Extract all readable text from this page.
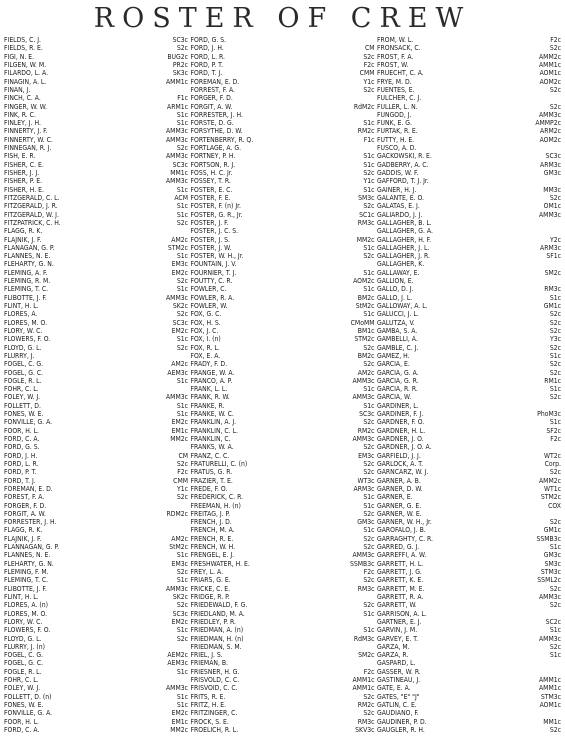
ROSTER OF CREW
FIELDS, C. J.	SC3c
FIELDS, R. E.	S2c
FIGI, N. E.	BUG2c
FILGEN, W. M.	PR2c
FILARDO, L. A.	SK3c
FINAGIN, A. L.	AMM1c
FINAN, J.
FINCH, C. A.	F1c
FINGER, W. W.	ARM1c
FINK, R. C.	S1c
FINLEY, J. H.	S1c
FINNERTY, J. F.	AMM3c
FINNERTY, W. C.	AMM3c
FINNEGAN, R. J.	S2c
FISH, E. R.	AMM3c
FISHER, C. E.	SC3c
FISHER, J. J.	MM1c
FISHER, P. E.	AMM3c
FISHER, H. E.	S1c
FITZGERALD, C. L.	ACM
FITZGERALD, J. R.	S1c
FITZGERALD, W. J.	S1c
FITZPATRICK, C. H.	S2c
FLAGG, R. K.
FLAJNIK, J. F.	AM2c
FLANAGAN, G. P.	STM2c
FLANNES, N. E.	S1c
FLEHARTY, G. N.	EM3c
FLEMING, A. F.	EM2c
FLEMING, R. M.	S2c
FLEMING, T. C.	S1c
FLIBOTTE, J. F.	AMM3c
FLINT, H. L.	SK2c
FLORES, A.	S2c
FLORES, M. O.	SC3c
FLORY, W. C.	EM2c
FLOWERS, F. O.	S1c
FLOYD, G. L.	S2c
FLURRY, J.
FOGEL, C. G.	AM2c
FOGEL, G. C.	AEM3c
FOGLE, R. L.	S1c
FOHR, C. L.
FOLEY, W. J.	AMM3c
FOLLETT, D.	S1c
FONES, W. E.	S1c
FONVILLE, G. A.	EM2c
FOOR, H. L.	EM1c
FORD, C. A.	MM2c
FORD, G. S.
FORD, J. H.	CM
FORD, L. R.	S2c
FORD, P. T.	F2c
FORD, T. J.	CMM
FOREMAN, E. D.	Y1c
FOREST, F. A.	S2c
FORGER, F. D.
FORGIT, A. W.	RDM2c
FORRESTER, J. H.
FLAGG, R. K.
FLAJNIK, J. F.	AM2c
FLANNAGAN, G. P.	StM2c
FLANNES, N. E.	S1c
FLEHARTY, G. N.	EM3c
FLEMING, F. M.	S2c
FLEMING, T. C.	S1c
FLIBOTTE, J. F.	AMM3c
FLINT, H. L.	SK2c
FLORES, A. (n)	S2c
FLORES, M. O.	SC3c
FLORY, W. C.	EM2c
FLOWERS, F. O.	S1c
FLOYD, G. L.	S2c
FLURRY, J. (n)
FOGEL, C. G.	AEM2c
FOGEL, G. C.	AEM3c
FOGLE, R. L.	S1c
FOHR, C. L.
FOLEY, W. J.	AMM3c
FOLLETT, D. (n)	S1c
FONES, W. E.	S1c
FONVILLE, G. A.	EM2c
FOOR, H. L.	EM1c
FORD, C. A.	MM2c
FORD, G. S.
FORD, J. H.	CM
FORD, L. R.	S2c
FORD, P. T.	F2c
FORD, T. J.	CMM
FOREMAN, E. D.	Y1c
FORREST, F. A.	S2c
FORGER, F. D.
FORGIT, A. W.	RdM2c
FORRESTER, J. H.
FORSTE, D. G.	S1c
FORSYTHE, D. W.	RM2c
FORTENBERRY, R. Q.	F1c
FORTLAGE, A. G.
FORTNEY, P. H.	S1c
FORTSON, R. J.	S1c
FOSS, H. C. Jr.	S2c
FOSSEY, T. R.	Y1c
FOSTER, E. C.	S1c
FOSTER, F. E.	SM3c
FOSTER, F. (n) Jr.	S2c
FOSTER, G. R., Jr.	SC1c
FOSTER, J. F.	RM3c
FOSTER, J. C. S.
FOSTER, J. S.	MM2c
FOSTER, J. W.	S1c
FOSTER, W. H., Jr.	S2c
FOUNTAIN, J. V.
FOURNIER, T. J.	S1c
FOUTTY, C. R.	AOM2c
FOWLER, C.	S1c
FOWLER, R. A.	BM2c
FOWLER, W.	StM2c
FOX, G. C.	S1c
FOX, H. S.	CMoMM
FOX, J. C.	BM1c
FOX, I. (n)	STM2c
FOX, R. L.	S2c
FOX, E. A.	BM2c
FRADY, F. D.	S2c
FRANGE, W. A.	AM2c
FRANCO, A. P.	AMM3c
FRANK, L. L.	S1c
FRANK, R. W.	AMM3c
FRANKE, R.	S1c
FRANKE, W. C.	SC3c
FRANKLIN, A. J.	S2c
FRANKLIN, C. L.	RM2c
FRANKLIN, C.	AMM3c
FRANKS, W. A.	S2c
FRANZ, C. C.	EM3c
FRATURELLI, C. (n)	S2c
FRATUS, G. R.	S2c
FRAZIER, T. E.	WT3c
FREDE, F. O.	ARM3c
FREDERICK, C. R.	S1c
FREEMAN, H. (n)	S1c
FREITAG, J. P.	S2c
FRENCH, J. D.	GM3c
FRENCH, M. A.	S1c
FRENCH, R. E.	S2c
FRENCH, W. H.	S2c
FRENGEL, E. J.	AMM3c
FRESHWATER, H. E.	SSMB3c
FREY, L. A.	F2c
FRIARS, G. E.	S2c
FRICKE, C. E.	RM3c
FRIDGE, R. P.
FRIEDEWALD, F. G.	S2c
FRIEDLAND, M. A.	S1c
FRIEDLEY, P. R.
FRIEDMAN, A. (n)	S1c
FRIEDMAN, H. (n)	RdM3c
FRIEDMAN, S. M.
FRIEL, J. S.	SM2c
FRIEMAN, B.
FRIESNER, H. G.	F2c
FRISVOLD, C. C.	AMM1c
FRISVOID, C. C.	AMM1c
FRITS, R. E.	S2c
FRITZ, H. E.	RM2c
FRITZINGER, C.	S2c
FROCK, S. E.	RM3c
FROELICH, R. L.	SKV3c
FROM, W. L.	F2c
FRONSACK, C.	S2c
FROST, F. A.	AMM2c
FROST, W.	AMM1c
FRUECHT, C. A.	AOM1c
FRYE, M. D.	AOM2c
FUENTES, E.	S2c
FULCHER, C. J.
FULLER, L. N.	S2c
FUNGOD, J.	AMM3c
FUNK, E. G.	AMMP2c
FURTAK, R. E.	ARM2c
FUTTY, H. E.	AOM2c
FUSCO, A. D.
GACKOWSKI, R. E.	SC3c
GADBERRY, A. C.	ARM3c
GADDIS, W. F.	GM3c
GAFFORD, T. J. Jr.
GAINER, H. J.	MM3c
GALANTE, E. O.	S2c
GALATAS, E. J.	OM1c
GALIARDO, J. J.	AMM3c
GALLAGHER, B. L.
GALLAGHER, G. A.
GALLAGHER, H. F.	Y2c
GALLAGHER, J. L.	ARM3c
GALLAGHER, J. R.	SF1c
GALLAGHER, K.
GALLAWAY, E.	SM2c
GALLION, E.
GALLO, D. J.	RM3c
GALLO, J. L.	S1c
GALLOWAY, A. L.	GM1c
GALUCCI, J. L.	S2c
GALUTZA, V.	S2c
GAMBA, S. A.	S2c
GAMBELLI, A.	Y3c
GAMBLE, C. J.	S2c
GAMEZ, H.	S1c
GARCIA, E.	S2c
GARCIA, G. A.	S2c
GARCIA, G. R.	RM1c
GARCIA, R. R.	S1c
GARCIA, W.	S2c
GARDINER, L.
GARDINER, F. J.	PhoM3c
GARDNER, F. O.	S1c
GARDNER, H. L.	SF2c
GARDNER, J. O.	F2c
GARDNER, J. O. A.
GARFIELD, J. J.	WT2c
GARLOCK, A. T.	Corp.
GARNCARZ, W. J.	S2c
GARNER, A. B.	AMM2c
GARNER, D. W.	WT1c
GARNER, E.	STM2c
GARNER, G. E.	COX
GARNER, W. E.
GARNER, W. H., Jr.	S2c
GAROFALO, J. B.	GM1c
GARRAGHTY, C. R.	SSMB3c
GARRED, G. J.	S1c
GARREFFI, A. W.	GM3c
GARRETT, H. L.	SM3c
GARRETT, J. G.	STM3c
GARRETT, K. E.	SSML2c
GARRETT, M. E.	S2c
GARRETT, R. A.	AMM3c
GARRETT, W.	S2c
GARRISON, A. L.
GARTNER, E. J.	SC2c
GARVIN, J. M.	S1c
GARVEY, E. T.	AMM3c
GARZA, M.	S2c
GARZA, R.	S1c
GASPARD, L.
GASSER, W. R.
GASTINEAU, J.	AMM1c
GATE, E. A.	AMM1c
GATES, "E" "J"	STM3c
GATLIN, C. E.	AOM1c
GAUDIANO, F.
GAUDINER, P. D.	MM1c
GAUGLER, R. H.	S2c
